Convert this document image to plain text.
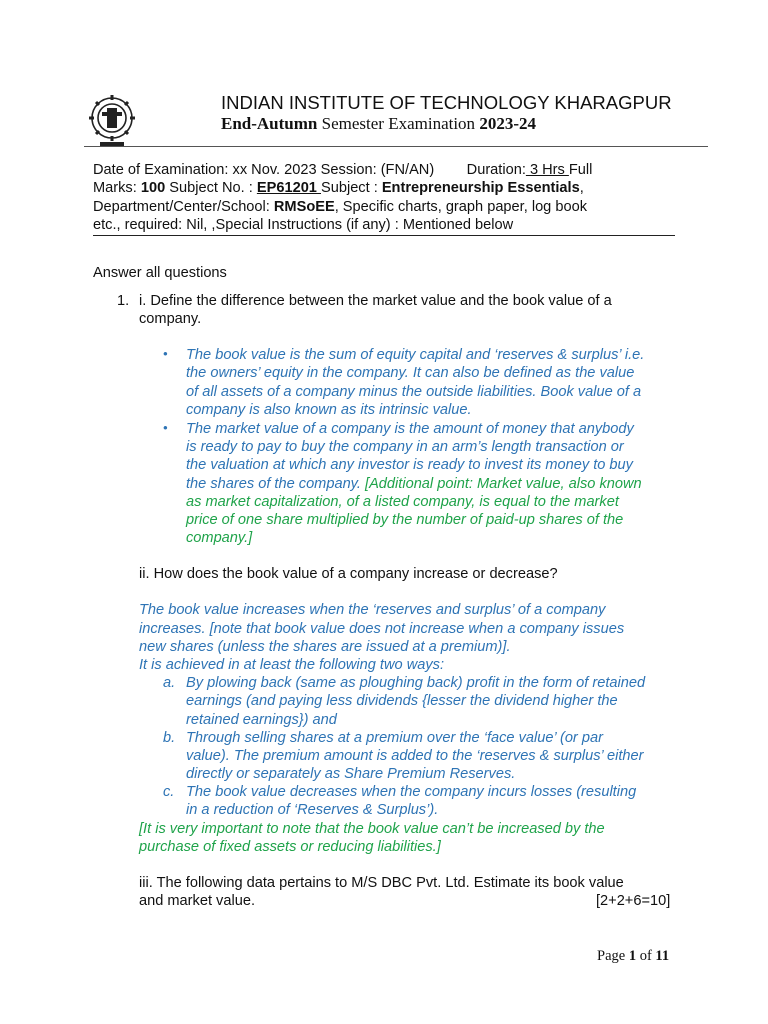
INDIAN INSTITUTE OF TECHNOLOGY KHARAGPUR
End-Autumn Semester Examination 2023-24
Date of Examination: xx Nov. 2023 Session: (FN/AN) Duration: 3 Hrs Full
Marks: 100 Subject No. : EP61201 Subject : Entrepreneurship Essentials,
Department/Center/School: RMSoEE, Specific charts, graph paper, log book
etc., required: Nil, ,Special Instructions (if any) : Mentioned below
Answer all questions
1. i. Define the difference between the market value and the book value of a
company.
• The book value is the sum of equity capital and ‘reserves & surplus’ i.e.
the owners’ equity in the company. It can also be defined as the value
of all assets of a company minus the outside liabilities. Book value of a
company is also known as its intrinsic value.
• The market value of a company is the amount of money that anybody
is ready to pay to buy the company in an arm’s length transaction or
the valuation at which any investor is ready to invest its money to buy
the shares of the company. [Additional point: Market value, also known
as market capitalization, of a listed company, is equal to the market
price of one share multiplied by the number of paid-up shares of the
company.]
ii. How does the book value of a company increase or decrease?
The book value increases when the ‘reserves and surplus’ of a company
increases. [note that book value does not increase when a company issues
new shares (unless the shares are issued at a premium)].
It is achieved in at least the following two ways:
a. By plowing back (same as ploughing back) profit in the form of retained
earnings (and paying less dividends {lesser the dividend higher the
retained earnings}) and
b. Through selling shares at a premium over the ‘face value’ (or par
value). The premium amount is added to the ‘reserves & surplus’ either
directly or separately as Share Premium Reserves.
c. The book value decreases when the company incurs losses (resulting
in a reduction of ‘Reserves & Surplus’).
[It is very important to note that the book value can’t be increased by the
purchase of fixed assets or reducing liabilities.]
iii. The following data pertains to M/S DBC Pvt. Ltd. Estimate its book value
and market value.	[2+2+6=10]
Page 1 of 11
